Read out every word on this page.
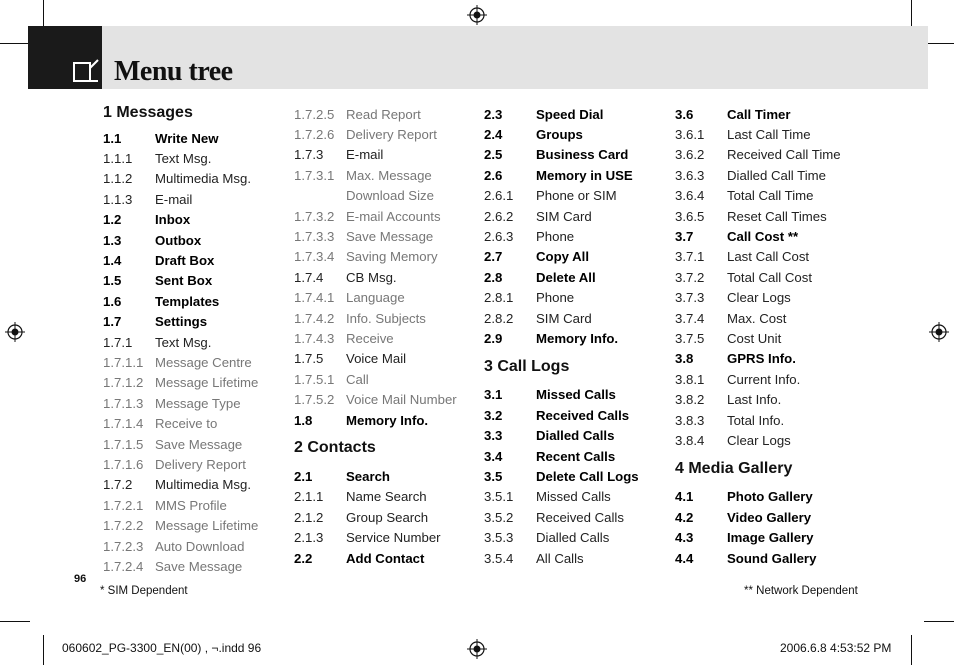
Menu tree
1 Messages
1.1	Write New
1.1.1	Text Msg.
1.1.2	Multimedia Msg.
1.1.3	E-mail
1.2	Inbox
1.3	Outbox
1.4	Draft Box
1.5	Sent Box
1.6	Templates
1.7	Settings
1.7.1	Text Msg.
1.7.1.1 Message Centre
1.7.1.2 Message Lifetime
1.7.1.3 Message Type
1.7.1.4 Receive to
1.7.1.5 Save Message
1.7.1.6 Delivery Report
1.7.2	Multimedia Msg.
1.7.2.1 MMS Profile
1.7.2.2 Message Lifetime
1.7.2.3 Auto Download
1.7.2.4 Save Message
1.7.2.5 Read Report
1.7.2.6 Delivery Report
1.7.3	E-mail
1.7.3.1 Max. Message
Download Size
1.7.3.2 E-mail Accounts
1.7.3.3 Save Message
1.7.3.4 Saving Memory
1.7.4	CB Msg.
1.7.4.1 Language
1.7.4.2 Info. Subjects
1.7.4.3 Receive
1.7.5	Voice Mail
1.7.5.1 Call
1.7.5.2 Voice Mail Number
1.8	Memory Info.
2 Contacts
2.1	Search
2.1.1	Name Search
2.1.2	Group Search
2.1.3	Service Number
2.2	Add Contact
2.3	Speed Dial
2.4	Groups
2.5	Business Card
2.6	Memory in USE
2.6.1	Phone or SIM
2.6.2	SIM Card
2.6.3	Phone
2.7	Copy All
2.8	Delete All
2.8.1	Phone
2.8.2	SIM Card
2.9	Memory Info.
3 Call Logs
3.1	Missed Calls
3.2	Received Calls
3.3	Dialled Calls
3.4	Recent Calls
3.5	Delete Call Logs
3.5.1	Missed Calls
3.5.2	Received Calls
3.5.3	Dialled Calls
3.5.4	All Calls
3.6	Call Timer
3.6.1	Last Call Time
3.6.2	Received Call Time
3.6.3	Dialled Call Time
3.6.4	Total Call Time
3.6.5	Reset Call Times
3.7	Call Cost **
3.7.1	Last Call Cost
3.7.2	Total Call Cost
3.7.3	Clear Logs
3.7.4	Max. Cost
3.7.5	Cost Unit
3.8	GPRS Info.
3.8.1	Current Info.
3.8.2	Last Info.
3.8.3	Total Info.
3.8.4	Clear Logs
4 Media Gallery
4.1	Photo Gallery
4.2	Video Gallery
4.3	Image Gallery
4.4	Sound Gallery
96
* SIM Dependent	** Network Dependent
060602_PG-3300_EN(00) , ¬.indd 96	2006.6.8 4:53:52 PM
